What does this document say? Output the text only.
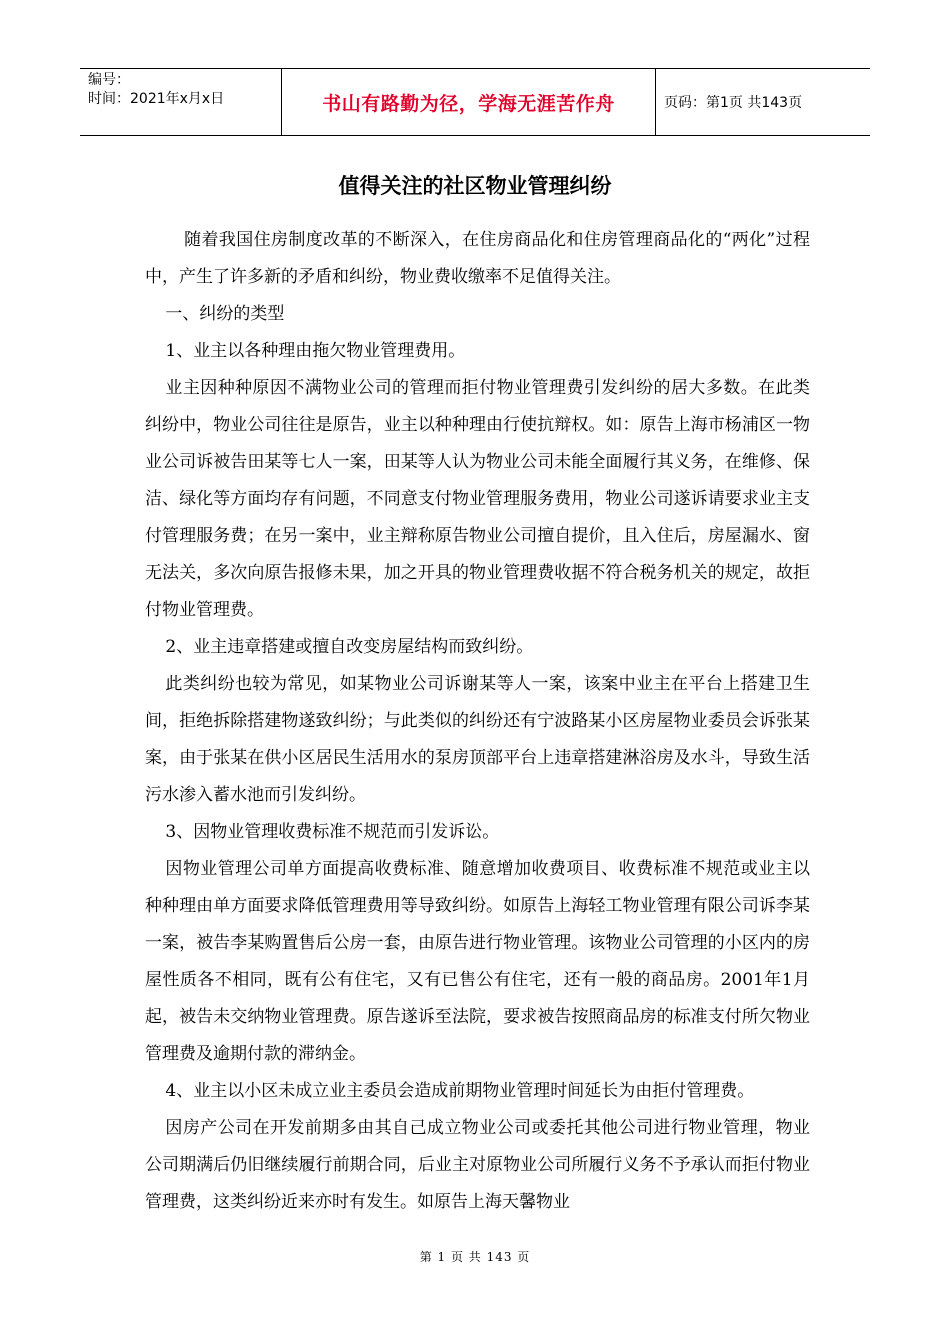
编号：
时间：2021年x月x日	书山有路勤为径，学海无涯苦作舟	页码：第1页 共143页
值得关注的社区物业管理纠纷

随着我国住房制度改革的不断深入，在住房商品化和住房管理商品化的“两化”过程中，产生了许多新的矛盾和纠纷，物业费收缴率不足值得关注。

一、纠纷的类型

1、业主以各种理由拖欠物业管理费用。

业主因种种原因不满物业公司的管理而拒付物业管理费引发纠纷的居大多数。在此类纠纷中，物业公司往往是原告，业主以种种理由行使抗辩权。如：原告上海市杨浦区一物业公司诉被告田某等七人一案，田某等人认为物业公司未能全面履行其义务，在维修、保洁、绿化等方面均存有问题，不同意支付物业管理服务费用，物业公司遂诉请要求业主支付管理服务费；在另一案中，业主辩称原告物业公司擅自提价，且入住后，房屋漏水、窗无法关，多次向原告报修未果，加之开具的物业管理费收据不符合税务机关的规定，故拒付物业管理费。

2、业主违章搭建或擅自改变房屋结构而致纠纷。

此类纠纷也较为常见，如某物业公司诉谢某等人一案，该案中业主在平台上搭建卫生间，拒绝拆除搭建物遂致纠纷；与此类似的纠纷还有宁波路某小区房屋物业委员会诉张某案，由于张某在供小区居民生活用水的泵房顶部平台上违章搭建淋浴房及水斗，导致生活污水渗入蓄水池而引发纠纷。

3、因物业管理收费标准不规范而引发诉讼。

因物业管理公司单方面提高收费标准、随意增加收费项目、收费标准不规范或业主以种种理由单方面要求降低管理费用等导致纠纷。如原告上海轻工物业管理有限公司诉李某一案，被告李某购置售后公房一套，由原告进行物业管理。该物业公司管理的小区内的房屋性质各不相同，既有公有住宅，又有已售公有住宅，还有一般的商品房。2001年1月起，被告未交纳物业管理费。原告遂诉至法院，要求被告按照商品房的标准支付所欠物业管理费及逾期付款的滞纳金。

4、业主以小区未成立业主委员会造成前期物业管理时间延长为由拒付管理费。

因房产公司在开发前期多由其自己成立物业公司或委托其他公司进行物业管理，物业公司期满后仍旧继续履行前期合同，后业主对原物业公司所履行义务不予承认而拒付物业管理费，这类纠纷近来亦时有发生。如原告上海天馨物业

第 1 页 共 143 页
